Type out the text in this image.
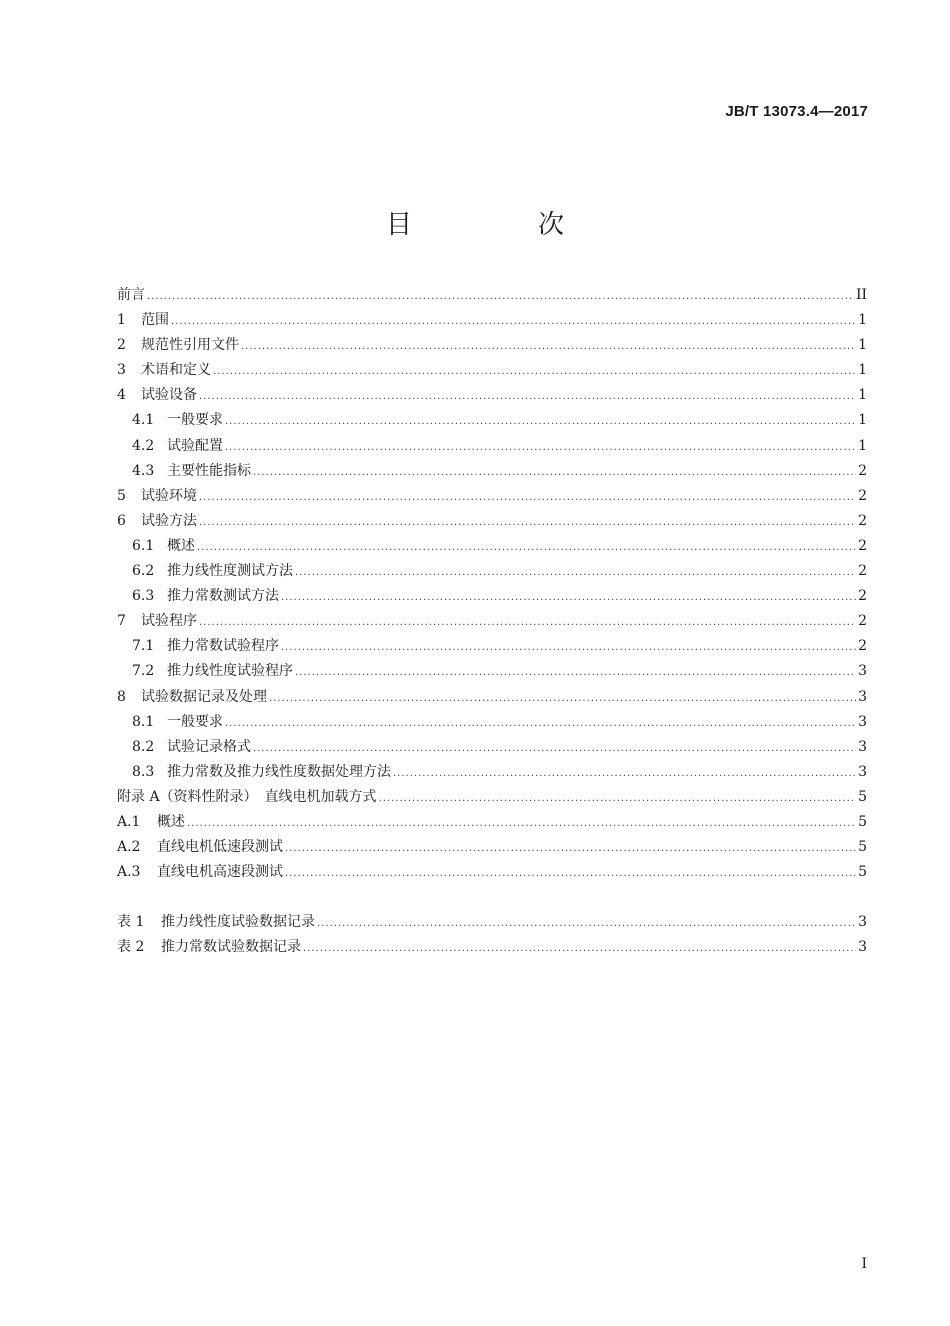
JB/T 13073.4—2017
目　次
前言 .....	II
1	范围 .....	1
2	规范性引用文件 .....	1
3	术语和定义 .....	1
4	试验设备 .....	1
4.1 一般要求 .....	1
4.2 试验配置 .....	1
4.3 主要性能指标 .....	2
5	试验环境 .....	2
6	试验方法 .....	2
6.1 概述 .....	2
6.2 推力线性度测试方法 .....	2
6.3 推力常数测试方法 .....	2
7	试验程序 .....	2
7.1 推力常数试验程序 .....	2
7.2 推力线性度试验程序 .....	3
8	试验数据记录及处理 .....	3
8.1 一般要求 .....	3
8.2 试验记录格式 .....	3
8.3 推力常数及推力线性度数据处理方法 .....	3
附录 A（资料性附录）　直线电机加载方式 .....	5
A.1	概述 .....	5
A.2	直线电机低速段测试 .....	5
A.3	直线电机高速段测试 .....	5
表 1	推力线性度试验数据记录 .....	3
表 2	推力常数试验数据记录 .....	3
I
